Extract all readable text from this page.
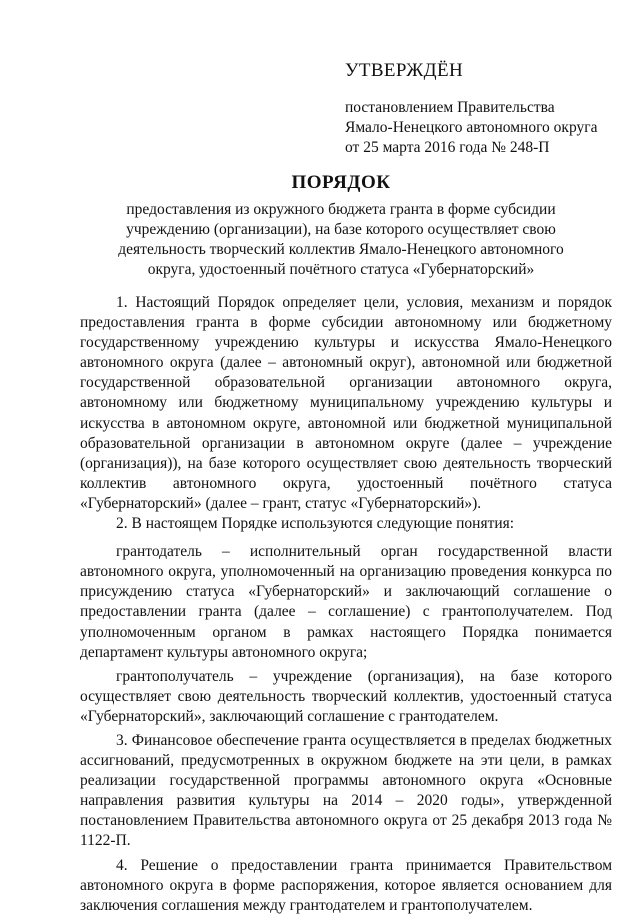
УТВЕРЖДЁН
постановлением Правительства
Ямало-Ненецкого автономного округа
от 25 марта 2016 года № 248-П
ПОРЯДОК
предоставления из окружного бюджета гранта в форме субсидии учреждению (организации), на базе которого осуществляет свою деятельность творческий коллектив Ямало-Ненецкого автономного округа, удостоенный почётного статуса «Губернаторский»

1. Настоящий Порядок определяет цели, условия, механизм и порядок предоставления гранта в форме субсидии автономному или бюджетному государственному учреждению культуры и искусства Ямало-Ненецкого автономного округа (далее – автономный округ), автономной или бюджетной государственной образовательной организации автономного округа, автономному или бюджетному муниципальному учреждению культуры и искусства в автономном округе, автономной или бюджетной муниципальной образовательной организации в автономном округе (далее – учреждение (организация)), на базе которого осуществляет свою деятельность творческий коллектив автономного округа, удостоенный почётного статуса «Губернаторский» (далее – грант, статус «Губернаторский»).

2. В настоящем Порядке используются следующие понятия:

грантодатель – исполнительный орган государственной власти автономного округа, уполномоченный на организацию проведения конкурса по присуждению статуса «Губернаторский» и заключающий соглашение о предоставлении гранта (далее – соглашение) с грантополучателем. Под уполномоченным органом в рамках настоящего Порядка понимается департамент культуры автономного округа;

грантополучатель – учреждение (организация), на базе которого осуществляет свою деятельность творческий коллектив, удостоенный статуса «Губернаторский», заключающий соглашение с грантодателем.

3. Финансовое обеспечение гранта осуществляется в пределах бюджетных ассигнований, предусмотренных в окружном бюджете на эти цели, в рамках реализации государственной программы автономного округа «Основные направления развития культуры на 2014 – 2020 годы», утвержденной постановлением Правительства автономного округа от 25 декабря 2013 года № 1122-П.

4. Решение о предоставлении гранта принимается Правительством автономного округа в форме распоряжения, которое является основанием для заключения соглашения между грантодателем и грантополучателем.
